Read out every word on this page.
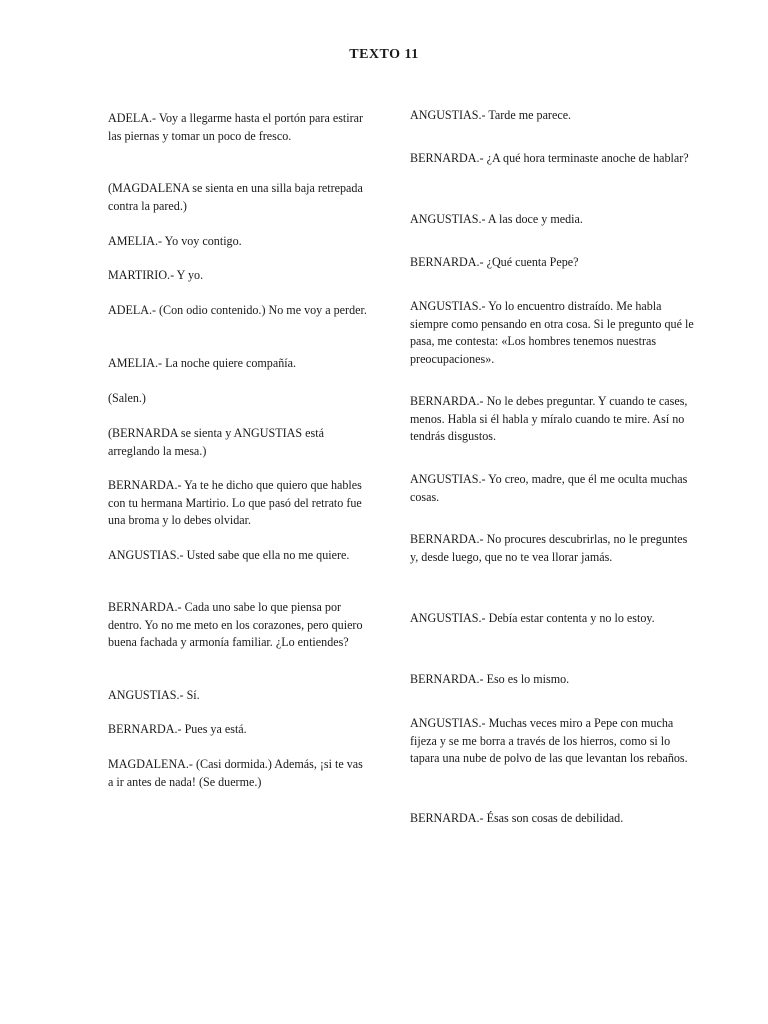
TEXTO 11

ADELA.- Voy a llegarme hasta el portón para estirar las piernas y tomar un poco de fresco.

(MAGDALENA se sienta en una silla baja retrepada contra la pared.)

AMELIA.- Yo voy contigo.

MARTIRIO.- Y yo.

ADELA.- (Con odio contenido.) No me voy a perder.

AMELIA.- La noche quiere compañía.

(Salen.)

(BERNARDA se sienta y ANGUSTIAS está arreglando la mesa.)

BERNARDA.- Ya te he dicho que quiero que hables con tu hermana Martirio. Lo que pasó del retrato fue una broma y lo debes olvidar.

ANGUSTIAS.- Usted sabe que ella no me quiere.

BERNARDA.- Cada uno sabe lo que piensa por dentro. Yo no me meto en los corazones, pero quiero buena fachada y armonía familiar. ¿Lo entiendes?

ANGUSTIAS.- Sí.

BERNARDA.- Pues ya está.

MAGDALENA.- (Casi dormida.) Además, ¡si te vas a ir antes de nada! (Se duerme.)

ANGUSTIAS.- Tarde me parece.

BERNARDA.- ¿A qué hora terminaste anoche de hablar?

ANGUSTIAS.- A las doce y media.

BERNARDA.- ¿Qué cuenta Pepe?

ANGUSTIAS.- Yo lo encuentro distraído. Me habla siempre como pensando en otra cosa. Si le pregunto qué le pasa, me contesta: «Los hombres tenemos nuestras preocupaciones».

BERNARDA.- No le debes preguntar. Y cuando te cases, menos. Habla si él habla y míralo cuando te mire. Así no tendrás disgustos.

ANGUSTIAS.- Yo creo, madre, que él me oculta muchas cosas.

BERNARDA.- No procures descubrirlas, no le preguntes y, desde luego, que no te vea llorar jamás.

ANGUSTIAS.- Debía estar contenta y no lo estoy.

BERNARDA.- Eso es lo mismo.

ANGUSTIAS.- Muchas veces miro a Pepe con mucha fijeza y se me borra a través de los hierros, como si lo tapara una nube de polvo de las que levantan los rebaños.

BERNARDA.- Ésas son cosas de debilidad.
